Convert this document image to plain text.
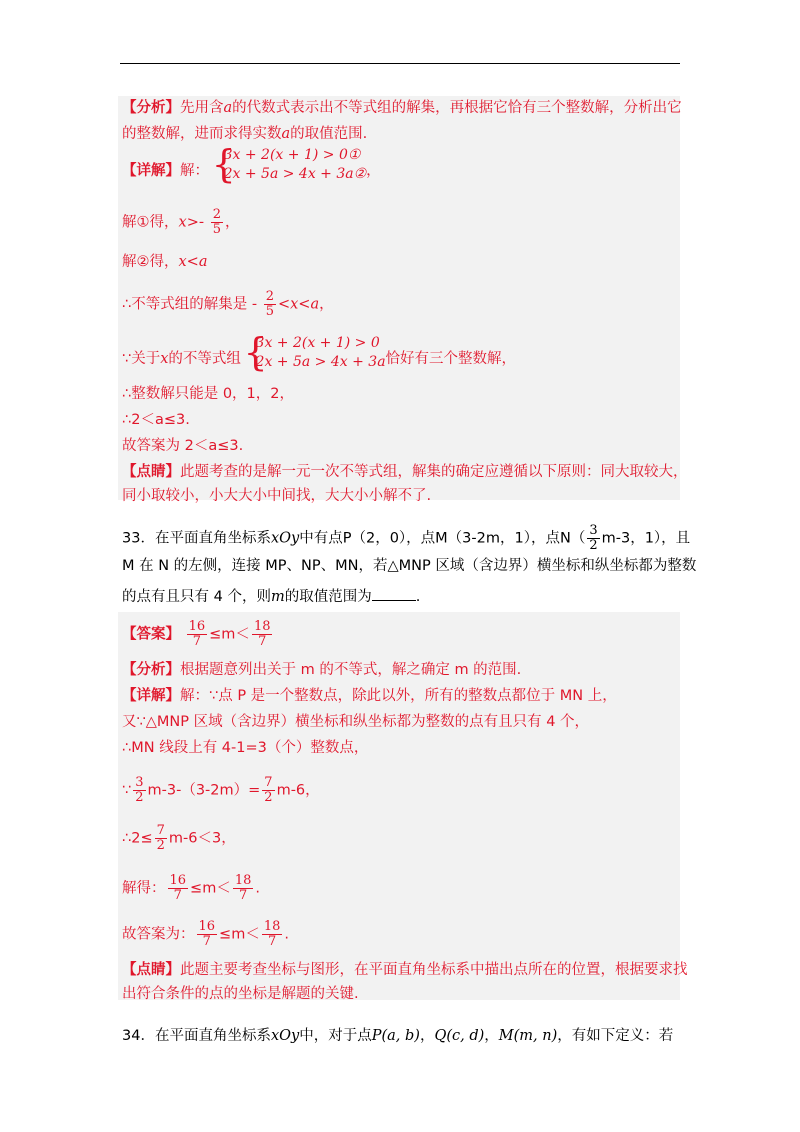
【分析】先用含a的代数式表示出不等式组的解集，再根据它恰有三个整数解，分析出它
的整数解，进而求得实数a的取值范围.
【详解】解：
{ 3x + 2(x + 1) > 0①
2x + 5a > 4x + 3a② ，
解①得，$x>- \frac{2}{5}$ ，
解②得，x<a
∴不等式组的解集是 - $\frac{2}{5} <x<a$，
∵关于x的不等式组
{ 3x + 2(x + 1) > 0
2x + 5a > 4x + 3a 恰好有三个整数解，
∴整数解只能是 0，1，2，
∴2＜a≤3.
故答案为 2＜a≤3.
【点睛】此题考查的是解一元一次不等式组，解集的确定应遵循以下原则：同大取较大，
同小取较小，小大大小中间找，大大小小解不了.
33．在平面直角坐标系xOy中有点P（2，0），点M（3-2m，1），点$N( \frac{3}{2} m-3$，1），且
M 在 N 的左侧，连接 MP、NP、MN，若△MNP 区域（含边界）横坐标和纵坐标都为整数
的点有且只有 4 个，则m的取值范围为	.
【答案】 $\frac{16}{7} \le m< \frac{18}{7}$
【分析】根据题意列出关于 m 的不等式，解之确定 m 的范围.
【详解】解：∵点 P 是一个整数点，除此以外，所有的整数点都位于 MN 上，
又∵△MNP 区域（含边界）横坐标和纵坐标都为整数的点有且只有 4 个，
∴MN 线段上有 4-1=3（个）整数点，
∵ $\frac{3}{2} m-3-(3-2m)= \frac{7}{2} m-6$，
∴2≤ $\frac{7}{2} m-6<3$，
解得： $\frac{16}{7} \le m< \frac{18}{7}$ .
故答案为： $\frac{16}{7} \le m< \frac{18}{7}$ .
【点睛】此题主要考查坐标与图形，在平面直角坐标系中描出点所在的位置，根据要求找
出符合条件的点的坐标是解题的关键.
34．在平面直角坐标系xOy中，对于点P(a, b)，Q(c, d)，M(m, n)，有如下定义：若
